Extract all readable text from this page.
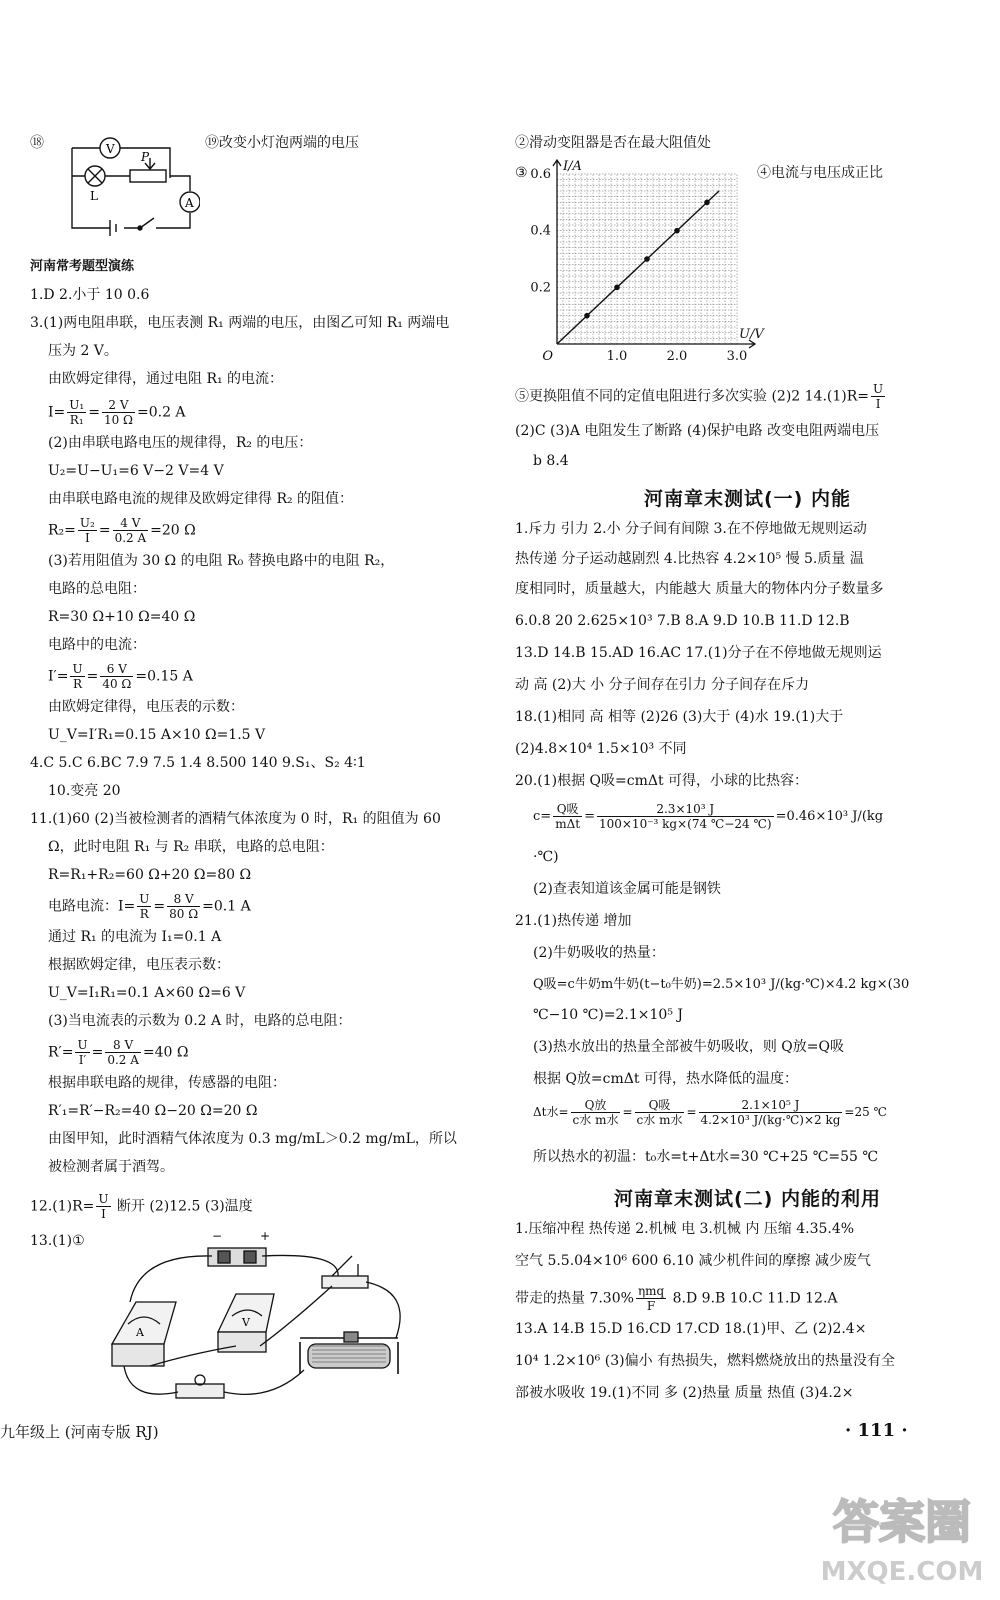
⑱	V
A
P
L
⑲改变小灯泡两端的电压
河南常考题型演练
1.D 2.小于 10 0.6
3.(1)两电阻串联，电压表测 R₁ 两端的电压，由图乙可知 R₁ 两端电
压为 2 V。
由欧姆定律得，通过电阻 R₁ 的电流：
$I= \frac{\text{U₁}}{\text{R₁}} = \frac{2 V}{10 \Omega} =0.2$ A
(2)由串联电路电压的规律得，R₂ 的电压：
U₂=U−U₁=6 V−2 V=4 V
由串联电路电流的规律及欧姆定律得 R₂ 的阻值：
$R_2= \frac{\text{U₂}}{I} = \frac{4 V}{0.2 A} =20$ Ω
(3)若用阻值为 30 Ω 的电阻 R₀ 替换电路中的电阻 R₂，
电路的总电阻：
R=30 Ω+10 Ω=40 Ω
电路中的电流：
$I'= \frac{U}{R} = \frac{6 V}{40 \Omega} =0.15$ A
由欧姆定律得，电压表的示数：
U_V=I′R₁=0.15 A×10 Ω=1.5 V
4.C 5.C 6.BC 7.9 7.5 1.4 8.500 140 9.S₁、S₂ 4∶1
10.变亮 20
11.(1)60 (2)当被检测者的酒精气体浓度为 0 时，R₁ 的阻值为 60
Ω，此时电阻 R₁ 与 R₂ 串联，电路的总电阻：
R=R₁+R₂=60 Ω+20 Ω=80 Ω
电路电流：$I= \frac{U}{R} = \frac{8 V}{80 \Omega} =0.1$ A
通过 R₁ 的电流为 I₁=0.1 A
根据欧姆定律，电压表示数：
U_V=I₁R₁=0.1 A×60 Ω=6 V
(3)当电流表的示数为 0.2 A 时，电路的总电阻：
$R'= \frac{U}{I'} = \frac{8 V}{0.2 A} =40$ Ω
根据串联电路的规律，传感器的电阻：
R′₁=R′−R₂=40 Ω−20 Ω=20 Ω
由图甲知，此时酒精气体浓度为 0.3 mg/mL＞0.2 mg/mL，所以
被检测者属于酒驾。
$12.(1)R= \frac{U}{I}$ 断开 (2)12.5 (3)温度
13.(1)①
A
V
−	+
②滑动变阻器是否在最大阻值处
③	④电流与电压成正比
1.0	2.0	3.0
0.2
0.4
0.6
O
I/A
U/V
⑤更换阻值不同的定值电阻进行多次实验 (2)2 $14.(1)R= \frac{U}{I}$
(2)C (3)A 电阻发生了断路 (4)保护电路 改变电阻两端电压
b 8.4
河南章末测试(一) 内能
1.斥力 引力 2.小 分子间有间隙 3.在不停地做无规则运动
热传递 分子运动越剧烈 4.比热容 4.2×10⁵ 慢 5.质量 温
度相同时，质量越大，内能越大 质量大的物体内分子数量多
6.0.8 20 2.625×10³ 7.B 8.A 9.D 10.B 11.D 12.B
13.D 14.B 15.AD 16.AC 17.(1)分子在不停地做无规则运
动 高 (2)大 小 分子间存在引力 分子间存在斥力
18.(1)相同 高 相等 (2)26 (3)大于 (4)水 19.(1)大于
(2)4.8×10⁴ 1.5×10³ 不同
20.(1)根据 Q吸=cmΔt 可得，小球的比热容：
$c= \frac{\text{Q吸}}{\text{mΔt}} = \frac{\text{2.3×10³ J}}{\text{100×10⁻³ kg×(74 ℃−24 ℃)}} =0.46\times 10^3$ J/(kg
·℃)
(2)查表知道该金属可能是钢铁
21.(1)热传递 增加
(2)牛奶吸收的热量：
Q吸=c牛奶m牛奶(t−t₀牛奶)=2.5×10³ J/(kg·℃)×4.2 kg×(30
℃−10 ℃)=2.1×10⁵ J
(3)热水放出的热量全部被牛奶吸收，则 Q放=Q吸
根据 Q放=cmΔt 可得，热水降低的温度：
Δt水= $\frac{\text{Q放}}{\text{c水 m水}} = \frac{\text{Q吸}}{\text{c水 m水}} = \frac{\text{2.1×10⁵ J}}{\text{4.2×10³ J/(kg·℃)×2 kg}} =25$ ℃
所以热水的初温：t₀水=t+Δt水=30 ℃+25 ℃=55 ℃
河南章末测试(二) 内能的利用
1.压缩冲程 热传递 2.机械 电 3.机械 内 压缩 4.35.4%
空气 5.5.04×10⁶ 600 6.10 减少机件间的摩擦 减少废气
带走的热量 $7.30\% \frac{\text{ηmq}}{F} 8.D$ 9.B 10.C 11.D 12.A
13.A 14.B 15.D 16.CD 17.CD 18.(1)甲、乙 (2)2.4×
10⁴ 1.2×10⁶ (3)偏小 有热损失，燃料燃烧放出的热量没有全
部被水吸收 19.(1)不同 多 (2)热量 质量 热值 (3)4.2×
九年级上 (河南专版 RJ)	· 111 ·
答案圈
MXQE.COM
